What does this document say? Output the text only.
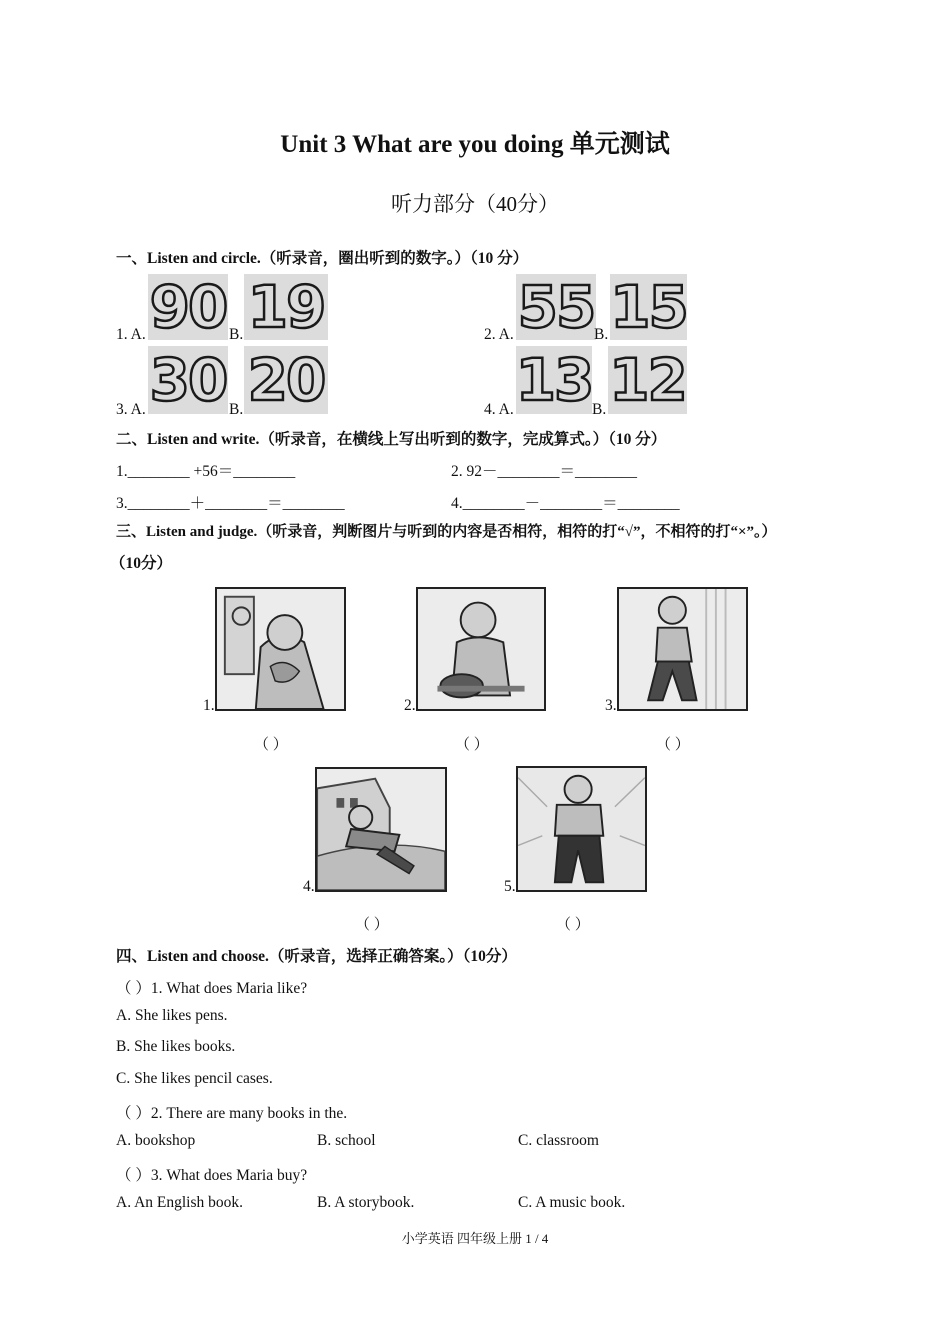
Unit 3 What are you doing 单元测试
听力部分（40分）
一、Listen and circle.（听录音，圈出听到的数字。）（10 分）
1. A. 90 B. 19	2. A. 55 B. 15
3. A. 30 B. 20	4. A. 13 B. 12
二、Listen and write.（听录音，在横线上写出听到的数字，完成算式。）（10 分）
1.________ +56＝________	2. 92－________＝________
3.________＋________＝________	4.________－________＝________
三、Listen and judge.（听录音，判断图片与听到的内容是否相符，相符的打“√”，不相符的打“×”。）
（10分）
1.	2.	3.
（ ）	（ ）	（ ）
4.	5.
（ ）	（ ）
四、Listen and choose.（听录音，选择正确答案。）（10分）
（ ）1. What does Maria like?
A. She likes pens.
B. She likes books.
C. She likes pencil cases.
（ ）2. There are many books in the.
A. bookshop	B. school	C. classroom
（ ）3. What does Maria buy?
A. An English book.	B. A storybook.	C. A music book.
小学英语 四年级上册 1 / 4
